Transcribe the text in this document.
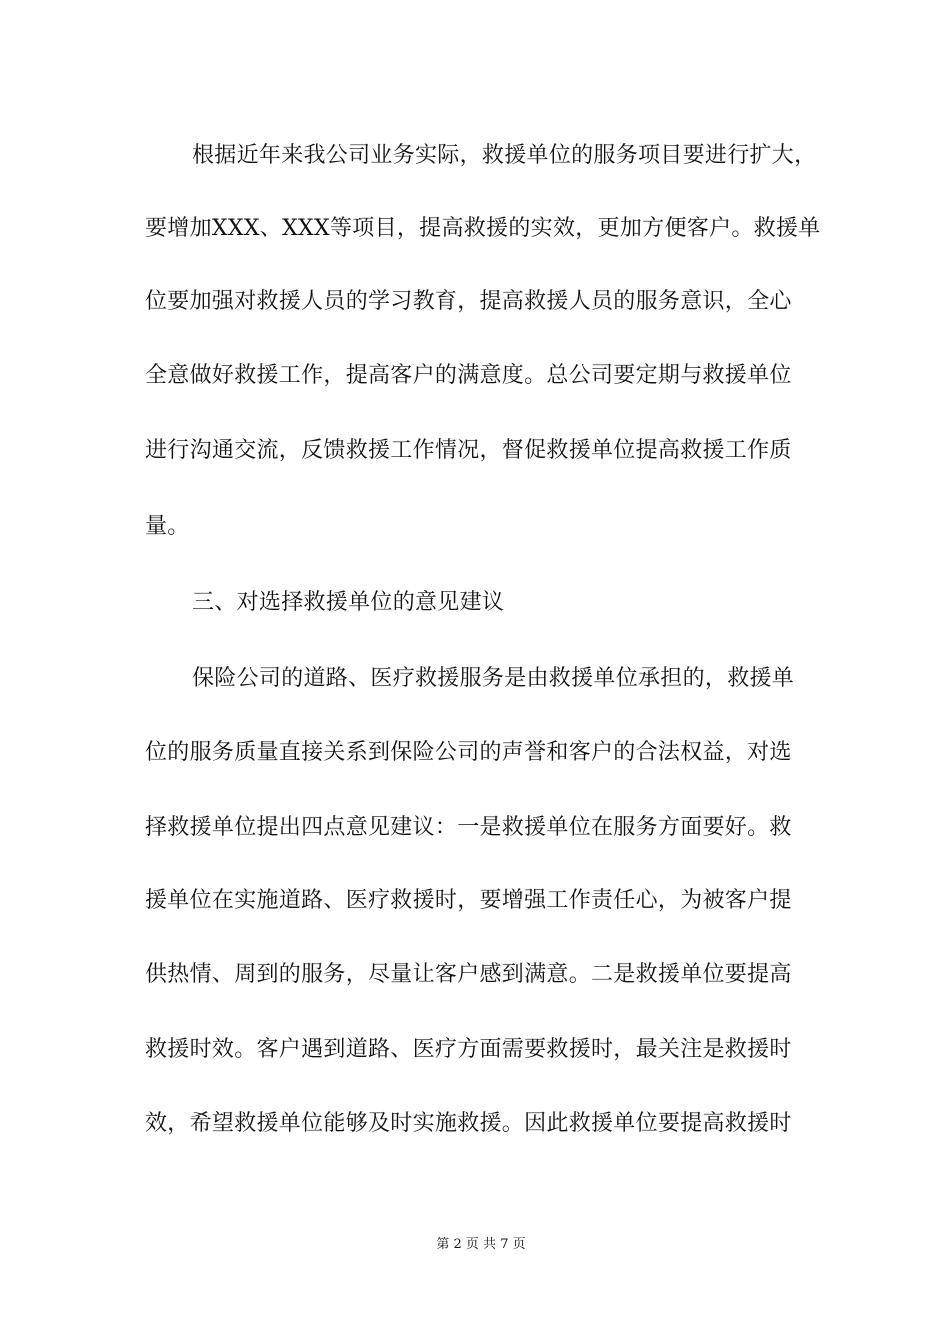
根据近年来我公司业务实际，救援单位的服务项目要进行扩大，
要增加XXX、XXX等项目，提高救援的实效，更加方便客户。救援单
位要加强对救援人员的学习教育，提高救援人员的服务意识，全心
全意做好救援工作，提高客户的满意度。总公司要定期与救援单位
进行沟通交流，反馈救援工作情况，督促救援单位提高救援工作质
量。
三、对选择救援单位的意见建议
保险公司的道路、医疗救援服务是由救援单位承担的，救援单
位的服务质量直接关系到保险公司的声誉和客户的合法权益，对选
择救援单位提出四点意见建议：一是救援单位在服务方面要好。救
援单位在实施道路、医疗救援时，要增强工作责任心，为被客户提
供热情、周到的服务，尽量让客户感到满意。二是救援单位要提高
救援时效。客户遇到道路、医疗方面需要救援时，最关注是救援时
效，希望救援单位能够及时实施救援。因此救援单位要提高救援时
第 2 页 共 7 页
